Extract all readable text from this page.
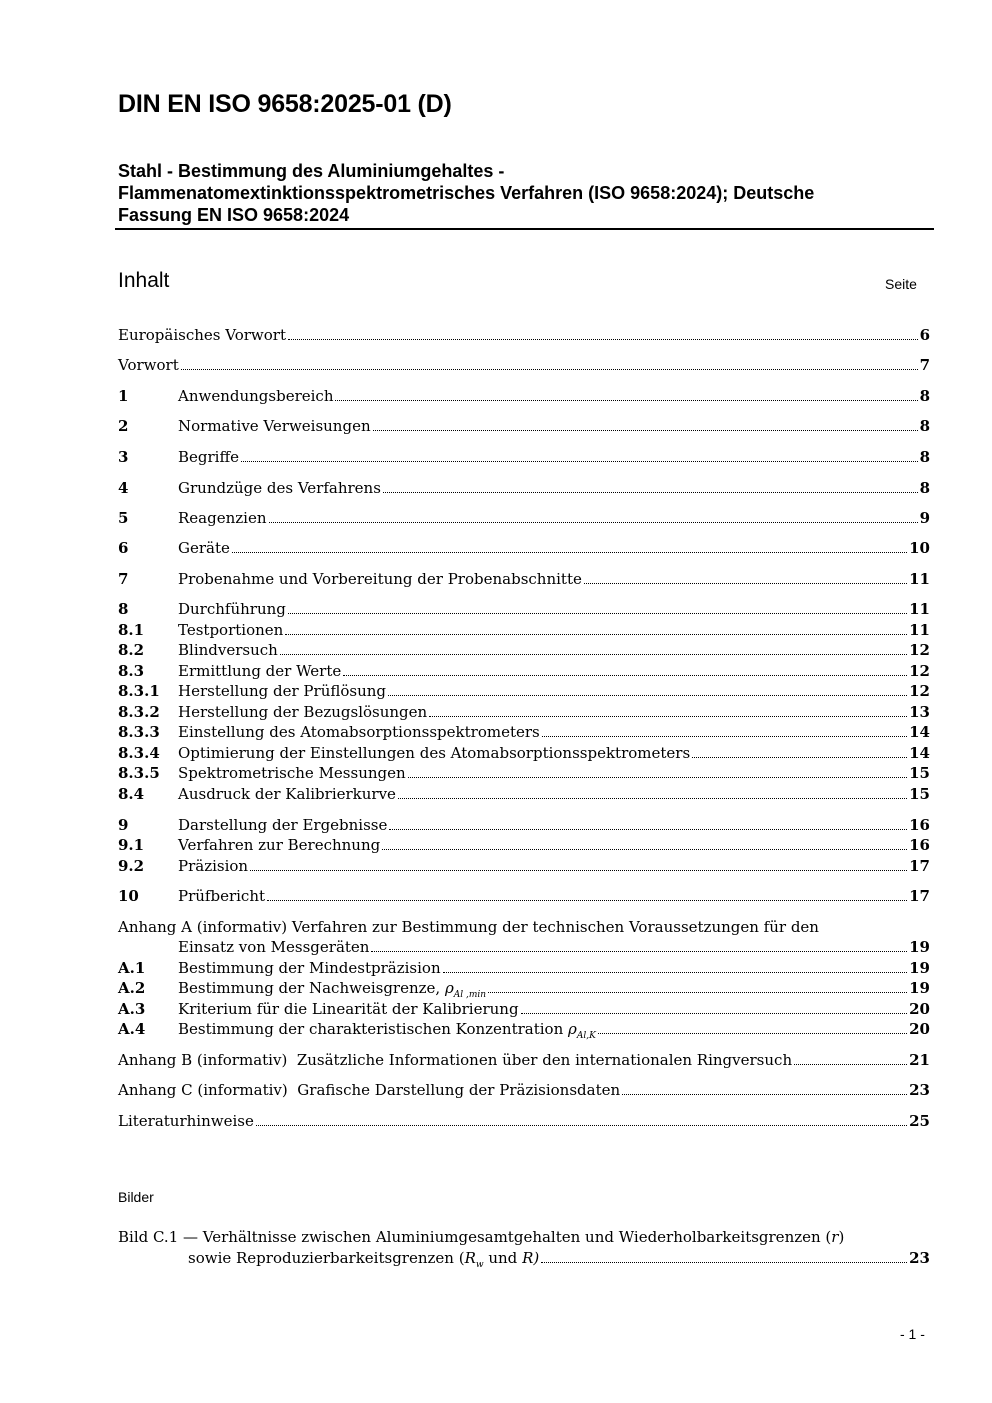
DIN EN ISO 9658:2025-01 (D)
Stahl - Bestimmung des Aluminiumgehaltes -
Flammenatomextinktionsspektrometrisches Verfahren (ISO 9658:2024); Deutsche
Fassung EN ISO 9658:2024
Inhalt	Seite
Europäisches Vorwort	6
Vorwort	7
1	Anwendungsbereich	8
2	Normative Verweisungen	8
3	Begriffe	8
4	Grundzüge des Verfahrens	8
5	Reagenzien	9
6	Geräte	10
7	Probenahme und Vorbereitung der Probenabschnitte	11
8	Durchführung	11
8.1 Testportionen	11
8.2 Blindversuch	12
8.3 Ermittlung der Werte	12
8.3.1 Herstellung der Prüflösung	12
8.3.2 Herstellung der Bezugslösungen	13
8.3.3 Einstellung des Atomabsorptionsspektrometers	14
8.3.4 Optimierung der Einstellungen des Atomabsorptionsspektrometers	14
8.3.5 Spektrometrische Messungen	15
8.4 Ausdruck der Kalibrierkurve	15
9	Darstellung der Ergebnisse	16
9.1 Verfahren zur Berechnung	16
9.2 Präzision	17
10	Prüfbericht	17
Anhang A (informativ) Verfahren zur Bestimmung der technischen Voraussetzungen für den
Einsatz von Messgeräten	19
A.1 Bestimmung der Mindestpräzision	19
A.2 Bestimmung der Nachweisgrenze, $\rho_{Al ,min}$	19
A.3 Kriterium für die Linearität der Kalibrierung	20
A.4 Bestimmung der charakteristischen Konzentration $\rho_{Al,K}$	20
Anhang B (informativ)  Zusätzliche Informationen über den internationalen Ringversuch	21
Anhang C (informativ)  Grafische Darstellung der Präzisionsdaten	23
Literaturhinweise	25
Bilder
Bild C.1 — Verhältnisse zwischen Aluminiumgesamtgehalten und Wiederholbarkeitsgrenzen (r)
sowie Reproduzierbarkeitsgrenzen ($R_w$ und R)	23
- 1 -
